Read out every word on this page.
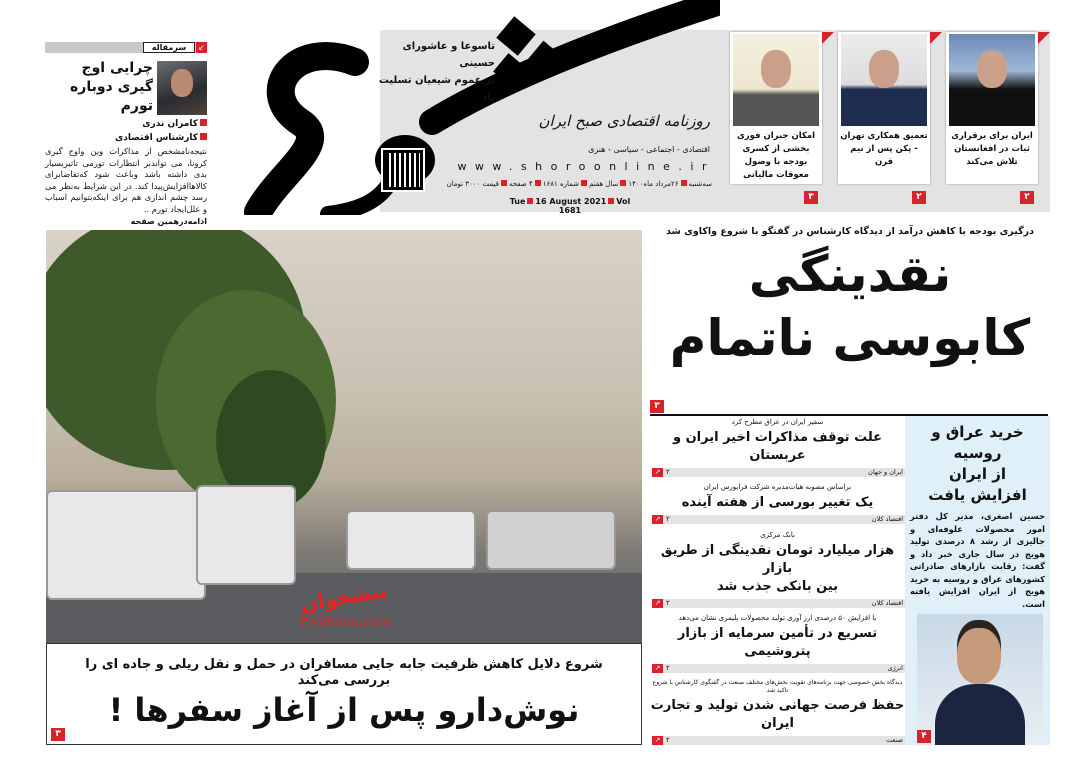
سرمقاله	↙
چرایی اوج گیری دوباره تورم
کامران ندری
کارشناس اقتصادی
نتیجه‌نامشخص از مذاکرات وین واوج گیری کرونا، می تواندبر انتظارات تورمی تاثیربسیار بدی داشته باشد وباعث شود که‌تقاضابرای کالاهاافزایش‌پیدا کند. در این شرایط به‌نظر می رسد چشم اندازی هم برای اینکه‌بتوانیم اسباب و علل‌ایجاد تورم ..
ادامه‌درهمین صفحه
تاسوعا و عاشورای حسینی
بر عموم شیعیان تسلیت باد
روزنامه اقتصادی صبح ایران
اقتصادی - اجتماعی - سیاسی - هنری
www.shoroonline.ir
سه‌شنبه۲۶مرداد ماه۱۴۰۰سال هفتمشماره ۱۶۸۱۴ صفحهقیمت ۳۰۰۰ تومان
Tue 16 August 2021 Vol 1681
ایران برای برقراری ثبات در افغانستان تلاش می‌کند
۲
تعمیق همکاری تهران - پکن پس از نیم قرن
۲
امکان جبران فوری بخشی از کسری بودجه با وصول معوقات مالیاتی
۳
پیشخوان
Pishkhan.com
شروع دلایل کاهش ظرفیت جابه جایی مسافران در حمل و نقل ریلی و جاده ای را بررسی می‌کند
نوش‌دارو پس از آغاز سفرها !
۳
درگیری بودجه با کاهش درآمد از دیدگاه کارشناس در گفتگو با شروع واکاوی شد
نقدینگی
کابوسی ناتمام
۳
سفیر ایران در عراق مطرح کرد
علت توقف مذاکرات اخیر ایران و عربستان
ایران و جهان
↗ ۲
براساس مصوبه هیات‌مدیره شرکت فرابورس ایران
یک تغییر بورسی از هفته آینده
اقتصاد کلان
↗ ۲
بانک مرکزی
هزار میلیارد تومان نقدینگی از طریق بازار
بین بانکی جذب شد
اقتصاد کلان
↗ ۲
با افزایش ۵۰ درصدی ارز آوری تولید محصولات پلیمری نشان می‌دهد
تسریع در تأمین سرمایه از بازار پتروشیمی
انرژی
↗ ۲
دیدگاه بخش خصوصی جهت برنامه‌های تقویت بخش‌های مختلف صنعت در گفتگوی کارشناس با شروع تاکید شد
حفظ فرصت جهانی شدن تولید و تجارت ایران
صنعت
↗ ۲
خرید عراق و روسیه
از ایران
افزایش یافت
حسین اصغری، مدیر کل دفتر امور محصولات علوفه‌ای و جالیزی از رشد ۸ درصدی تولید هویج در سال جاری خبر داد و گفت: رقابت بازارهای صادراتی کشورهای عراق و روسیه به خرید هویج از ایران افزایش یافته است.
۴
